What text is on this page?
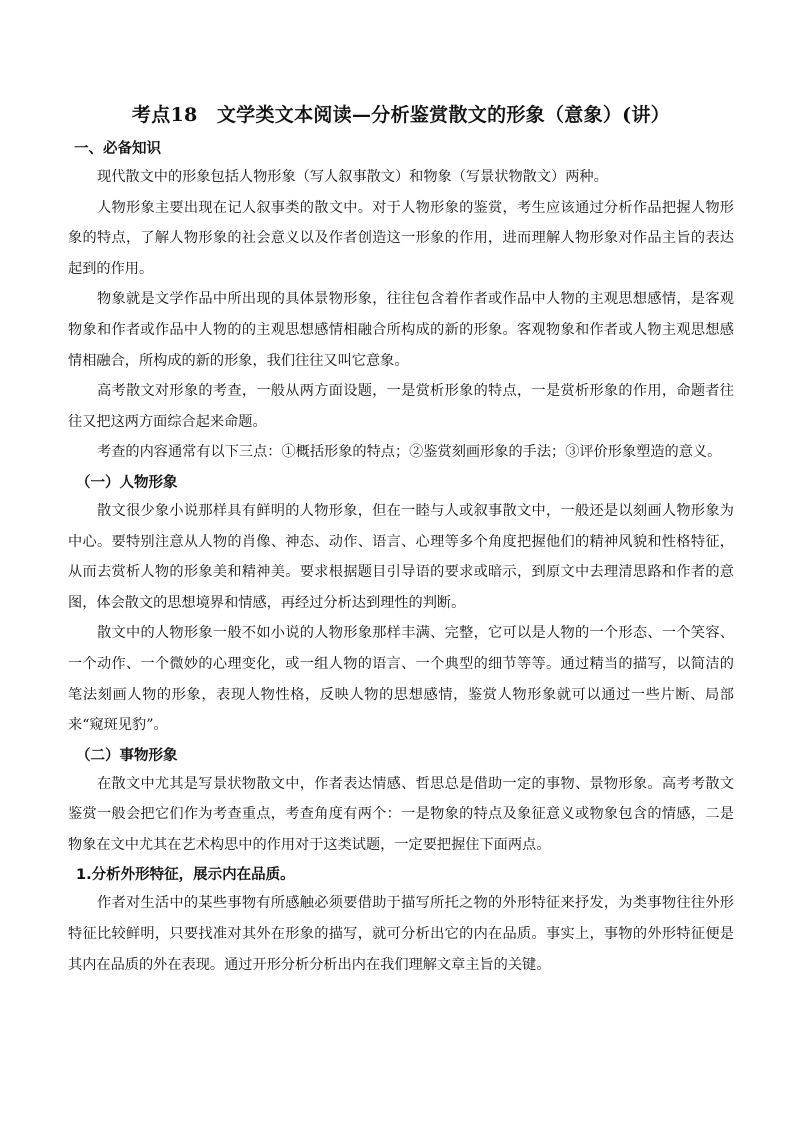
考点18　文学类文本阅读—分析鉴赏散文的形象（意象）(讲）
一、必备知识

现代散文中的形象包括人物形象（写人叙事散文）和物象（写景状物散文）两种。

人物形象主要出现在记人叙事类的散文中。对于人物形象的鉴赏，考生应该通过分析作品把握人物形象的特点，了解人物形象的社会意义以及作者创造这一形象的作用，进而理解人物形象对作品主旨的表达起到的作用。

物象就是文学作品中所出现的具体景物形象，往往包含着作者或作品中人物的主观思想感情，是客观物象和作者或作品中人物的的主观思想感情相融合所构成的新的形象。客观物象和作者或人物主观思想感情相融合，所构成的新的形象，我们往往又叫它意象。

高考散文对形象的考查，一般从两方面设题，一是赏析形象的特点，一是赏析形象的作用，命题者往往又把这两方面综合起来命题。

考查的内容通常有以下三点：①概括形象的特点；②鉴赏刻画形象的手法；③评价形象塑造的意义。

（一）人物形象

散文很少象小说那样具有鲜明的人物形象，但在一睦与人或叙事散文中，一般还是以刻画人物形象为中心。要特别注意从人物的肖像、神态、动作、语言、心理等多个角度把握他们的精神风貌和性格特征，从而去赏析人物的形象美和精神美。要求根据题目引导语的要求或暗示，到原文中去理清思路和作者的意图，体会散文的思想境界和情感，再经过分析达到理性的判断。

散文中的人物形象一般不如小说的人物形象那样丰满、完整，它可以是人物的一个形态、一个笑容、一个动作、一个微妙的心理变化，或一组人物的语言、一个典型的细节等等。通过精当的描写，以简洁的笔法刻画人物的形象，表现人物性格，反映人物的思想感情，鉴赏人物形象就可以通过一些片断、局部来“窥斑见豹”。

（二）事物形象

在散文中尤其是写景状物散文中，作者表达情感、哲思总是借助一定的事物、景物形象。高考考散文鉴赏一般会把它们作为考查重点，考查角度有两个：一是物象的特点及象征意义或物象包含的情感，二是物象在文中尤其在艺术构思中的作用对于这类试题，一定要把握住下面两点。

1.分析外形特征，展示内在品质。

作者对生活中的某些事物有所感触必须要借助于描写所托之物的外形特征来抒发，为类事物往往外形特征比较鲜明，只要找准对其外在形象的描写，就可分析出它的内在品质。事实上，事物的外形特征便是其内在品质的外在表现。通过开形分析分析出内在我们理解文章主旨的关键。
